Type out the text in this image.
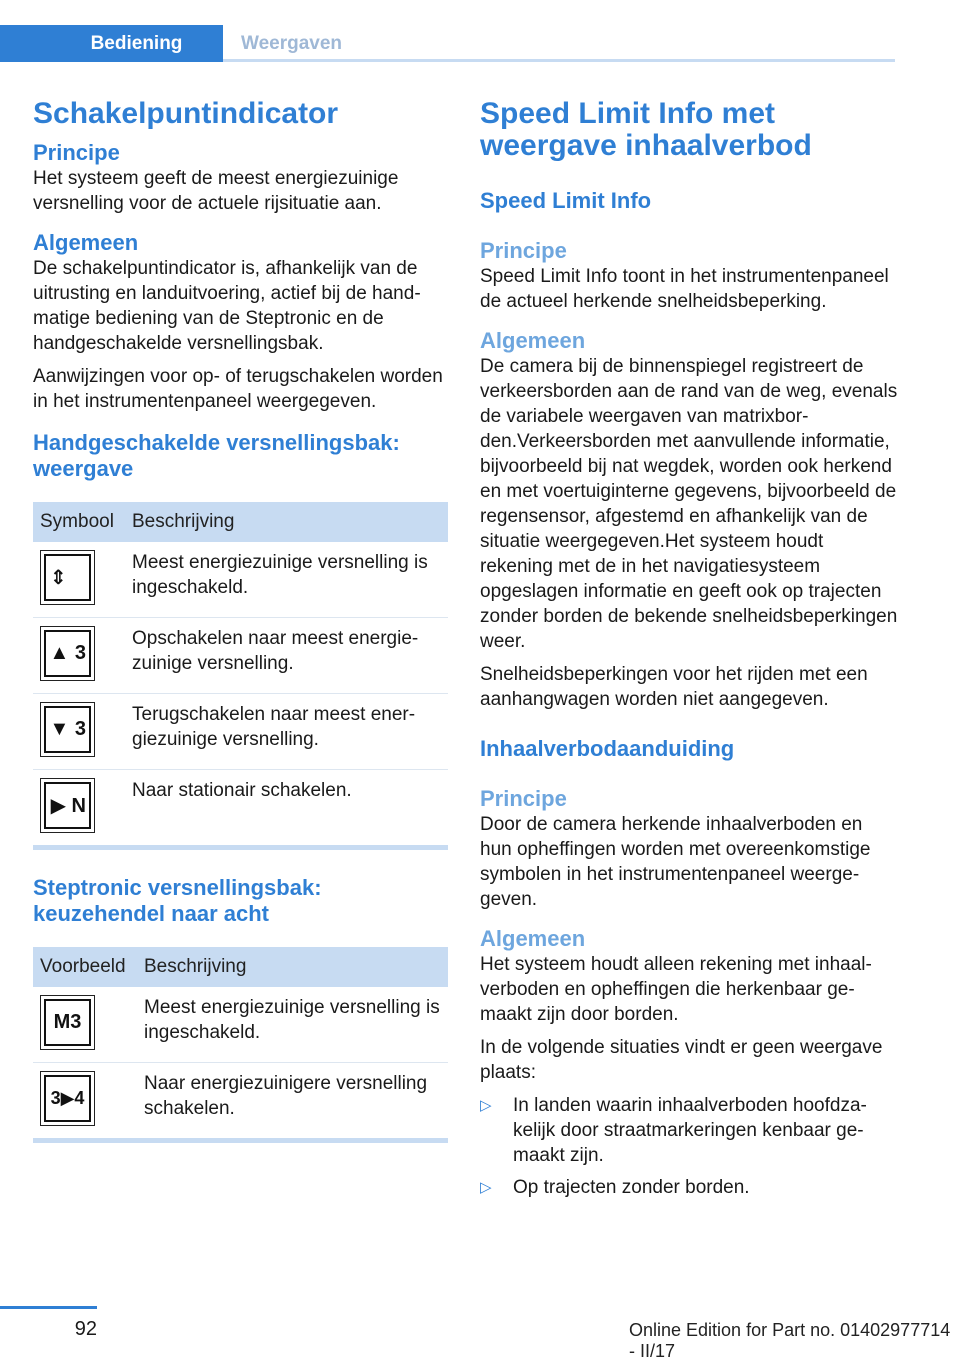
Bediening	Weergaven
Schakelpuntindicator
Principe

Het systeem geeft de meest energiezuinige versnelling voor de actuele rijsituatie aan.

Algemeen

De schakelpuntindicator is, afhankelijk van de uitrusting en landuitvoering, actief bij de handmatige bediening van de Steptronic en de handgeschakelde versnellingsbak.

Aanwijzingen voor op- of terugschakelen worden in het instrumentenpaneel weergegeven.

Handgeschakelde versnellingsbak: weergave
Symbool Beschrijving
⇕
Meest energiezuinige versnelling is ingeschakeld.
▲ 3
Opschakelen naar meest energiezuinige versnelling.
▼ 3
Terugschakelen naar meest energiezuinige versnelling.
▶ N
Naar stationair schakelen.
Steptronic versnellingsbak: keuzehendel naar acht
Voorbeeld Beschrijving
M3
Meest energiezuinige versnelling is ingeschakeld.
3▶4
Naar energiezuinigere versnelling schakelen.
Speed Limit Info met weergave inhaalverbod
Speed Limit Info
Principe

Speed Limit Info toont in het instrumentenpaneel de actueel herkende snelheidsbeperking.

Algemeen

De camera bij de binnenspiegel registreert de verkeersborden aan de rand van de weg, evenals de variabele weergaven van matrixborden.Verkeersborden met aanvullende informatie, bijvoorbeeld bij nat wegdek, worden ook herkend en met voertuiginterne gegevens, bijvoorbeeld de regensensor, afgestemd en afhankelijk van de situatie weergegeven.Het systeem houdt rekening met de in het navigatiesysteem opgeslagen informatie en geeft ook op trajecten zonder borden de bekende snelheidsbeperkingen weer.

Snelheidsbeperkingen voor het rijden met een aanhangwagen worden niet aangegeven.

Inhaalverbodaanduiding
Principe

Door de camera herkende inhaalverboden en hun opheffingen worden met overeenkomstige symbolen in het instrumentenpaneel weergegeven.

Algemeen

Het systeem houdt alleen rekening met inhaalverboden en opheffingen die herkenbaar gemaakt zijn door borden.

In de volgende situaties vindt er geen weergave plaats:

▷ In landen waarin inhaalverboden hoofdzakelijk door straatmarkeringen kenbaar gemaakt zijn.
▷ Op trajecten zonder borden.
92	Online Edition for Part no. 01402977714 - II/17
